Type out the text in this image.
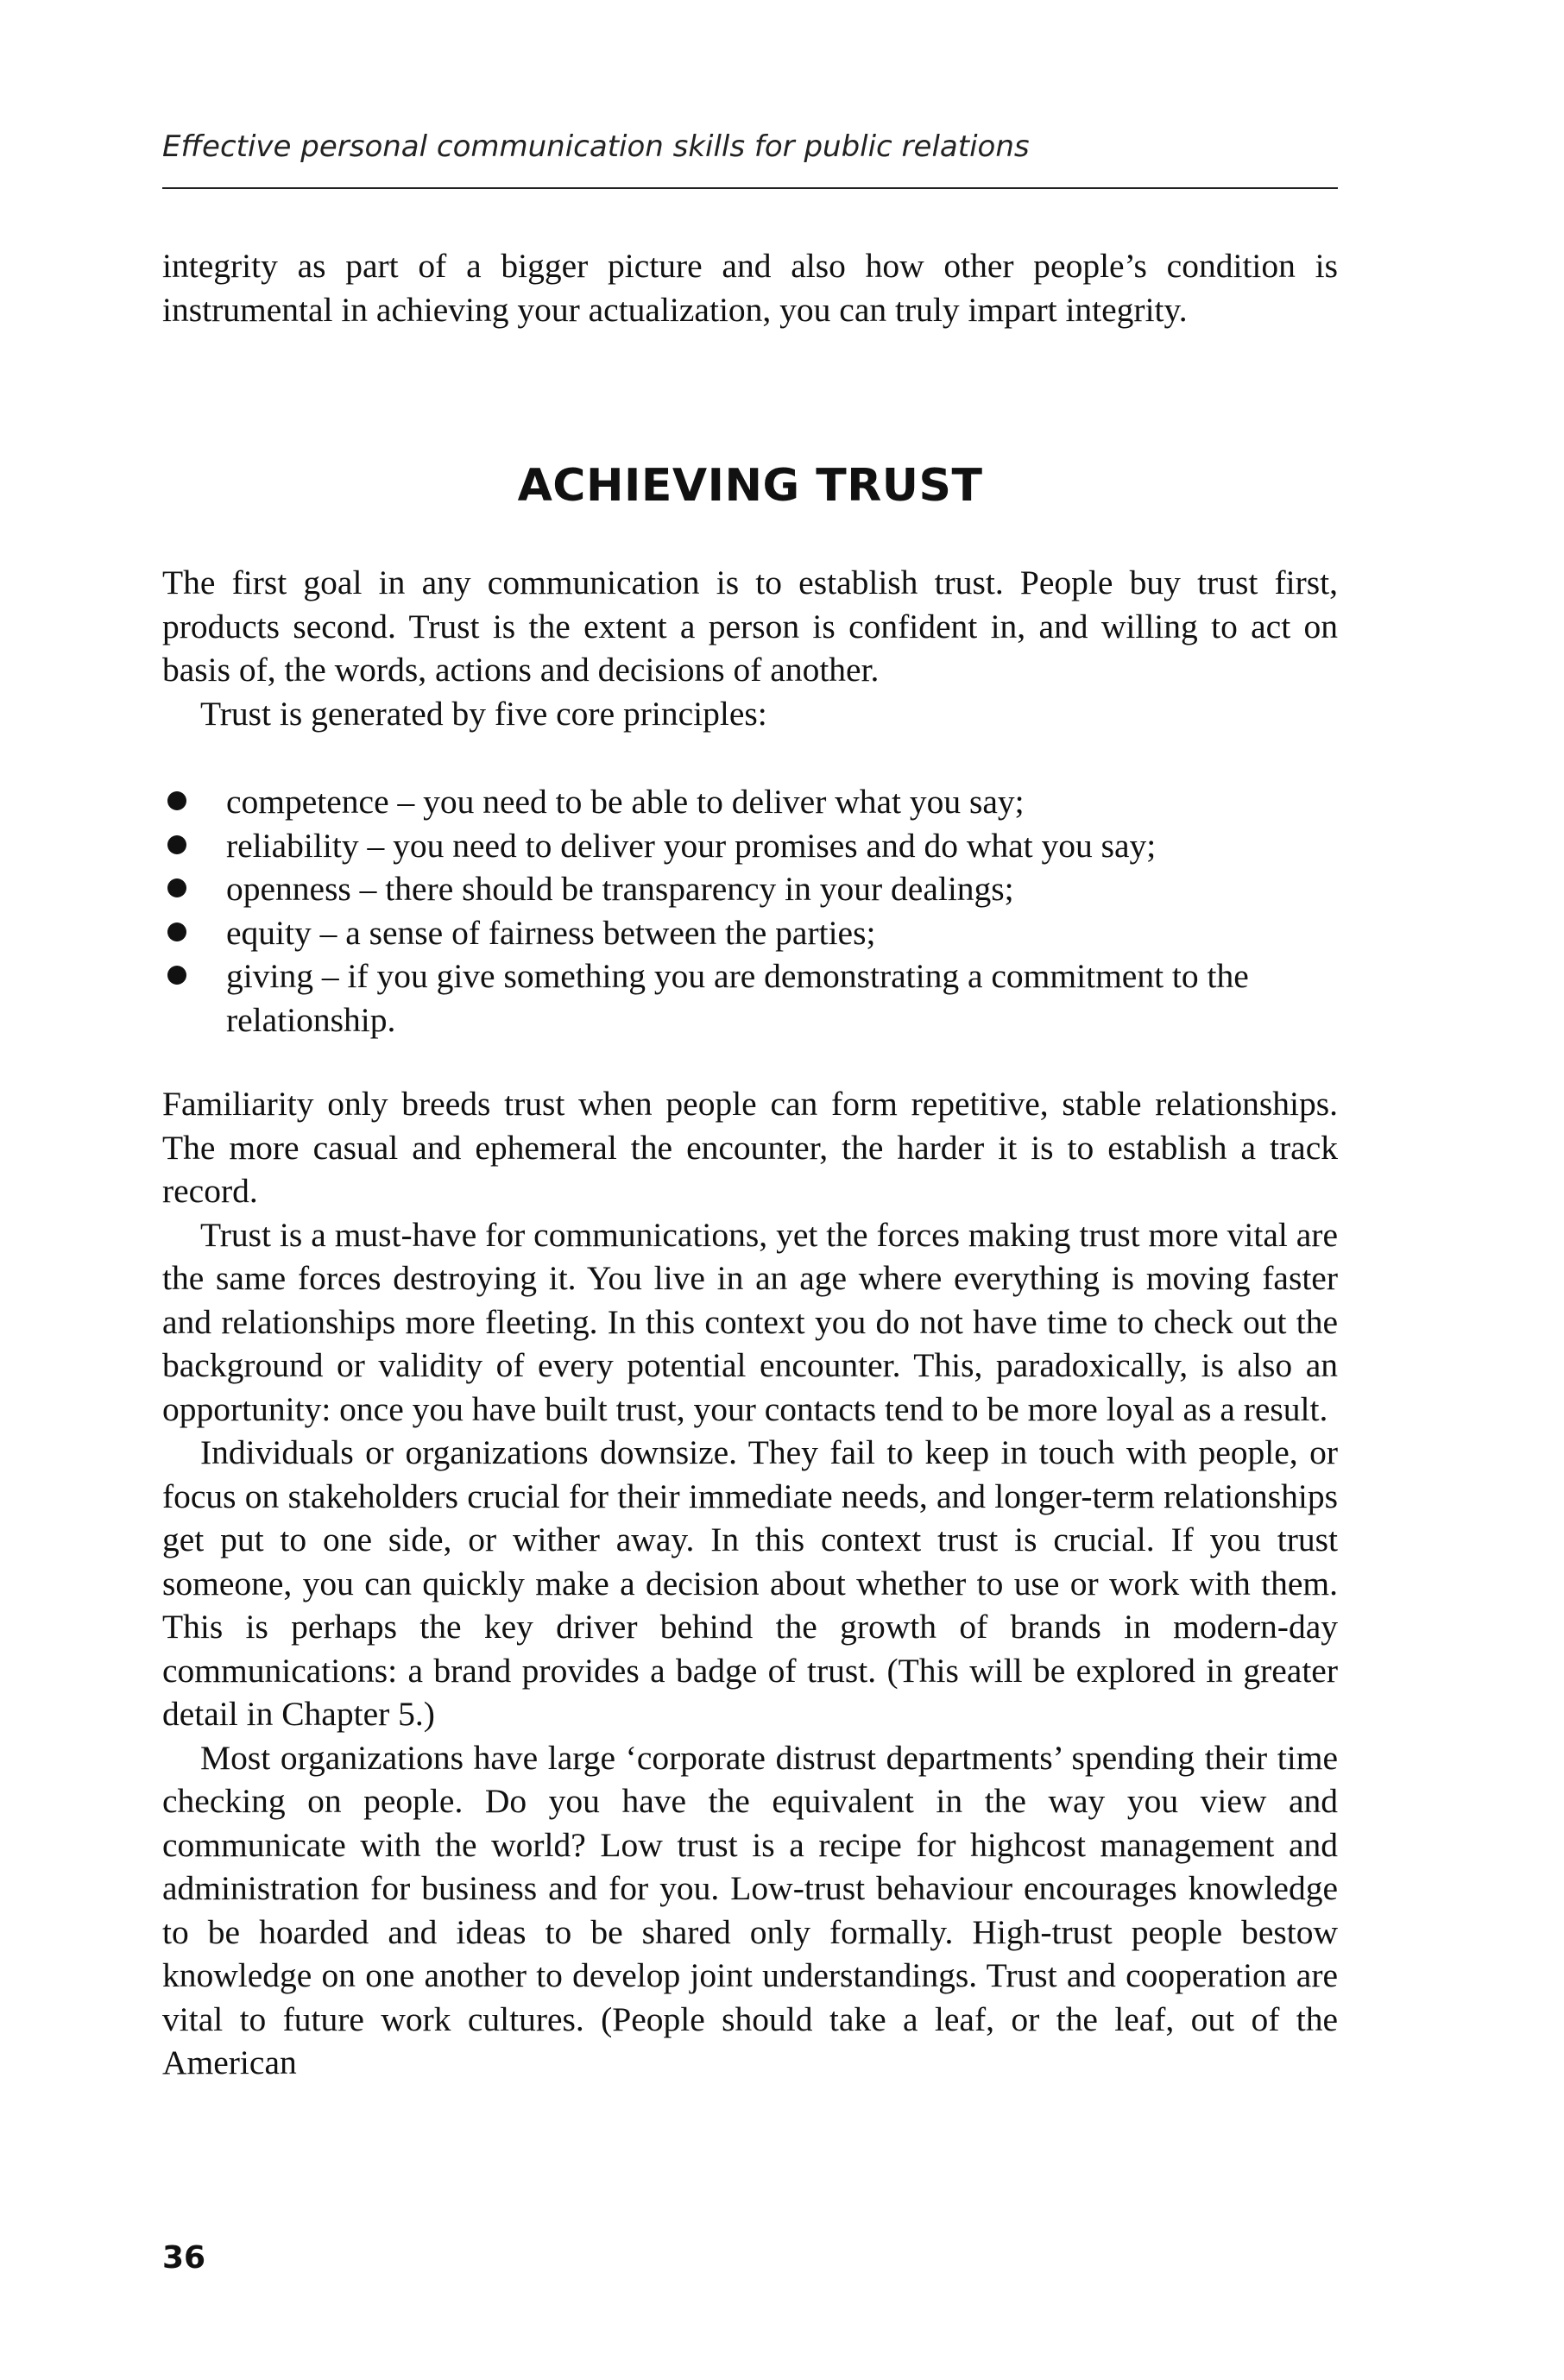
Effective personal communication skills for public relations

integrity as part of a bigger picture and also how other people’s condition is instrumental in achieving your actualization, you can truly impart integrity.

ACHIEVING TRUST

The first goal in any communication is to establish trust. People buy trust first, products second. Trust is the extent a person is confident in, and willing to act on basis of, the words, actions and decisions of another.

Trust is generated by five core principles:

competence – you need to be able to deliver what you say;
reliability – you need to deliver your promises and do what you say;
openness – there should be transparency in your dealings;
equity – a sense of fairness between the parties;
giving – if you give something you are demonstrating a commitment to the relationship.

Familiarity only breeds trust when people can form repetitive, stable relationships. The more casual and ephemeral the encounter, the harder it is to establish a track record.

Trust is a must-have for communications, yet the forces making trust more vital are the same forces destroying it. You live in an age where everything is moving faster and relationships more fleeting. In this context you do not have time to check out the background or validity of every potential encounter. This, paradoxically, is also an opportunity: once you have built trust, your contacts tend to be more loyal as a result.

Individuals or organizations downsize. They fail to keep in touch with people, or focus on stakeholders crucial for their immediate needs, and longer-term relationships get put to one side, or wither away. In this context trust is crucial. If you trust someone, you can quickly make a decision about whether to use or work with them. This is perhaps the key driver behind the growth of brands in modern-day communications: a brand provides a badge of trust. (This will be explored in greater detail in Chapter 5.)

Most organizations have large ‘corporate distrust departments’ spending their time checking on people. Do you have the equivalent in the way you view and communicate with the world? Low trust is a recipe for highcost management and administration for business and for you. Low-trust behaviour encourages knowledge to be hoarded and ideas to be shared only formally. High-trust people bestow knowledge on one another to develop joint understandings. Trust and cooperation are vital to future work cultures. (People should take a leaf, or the leaf, out of the American

36
